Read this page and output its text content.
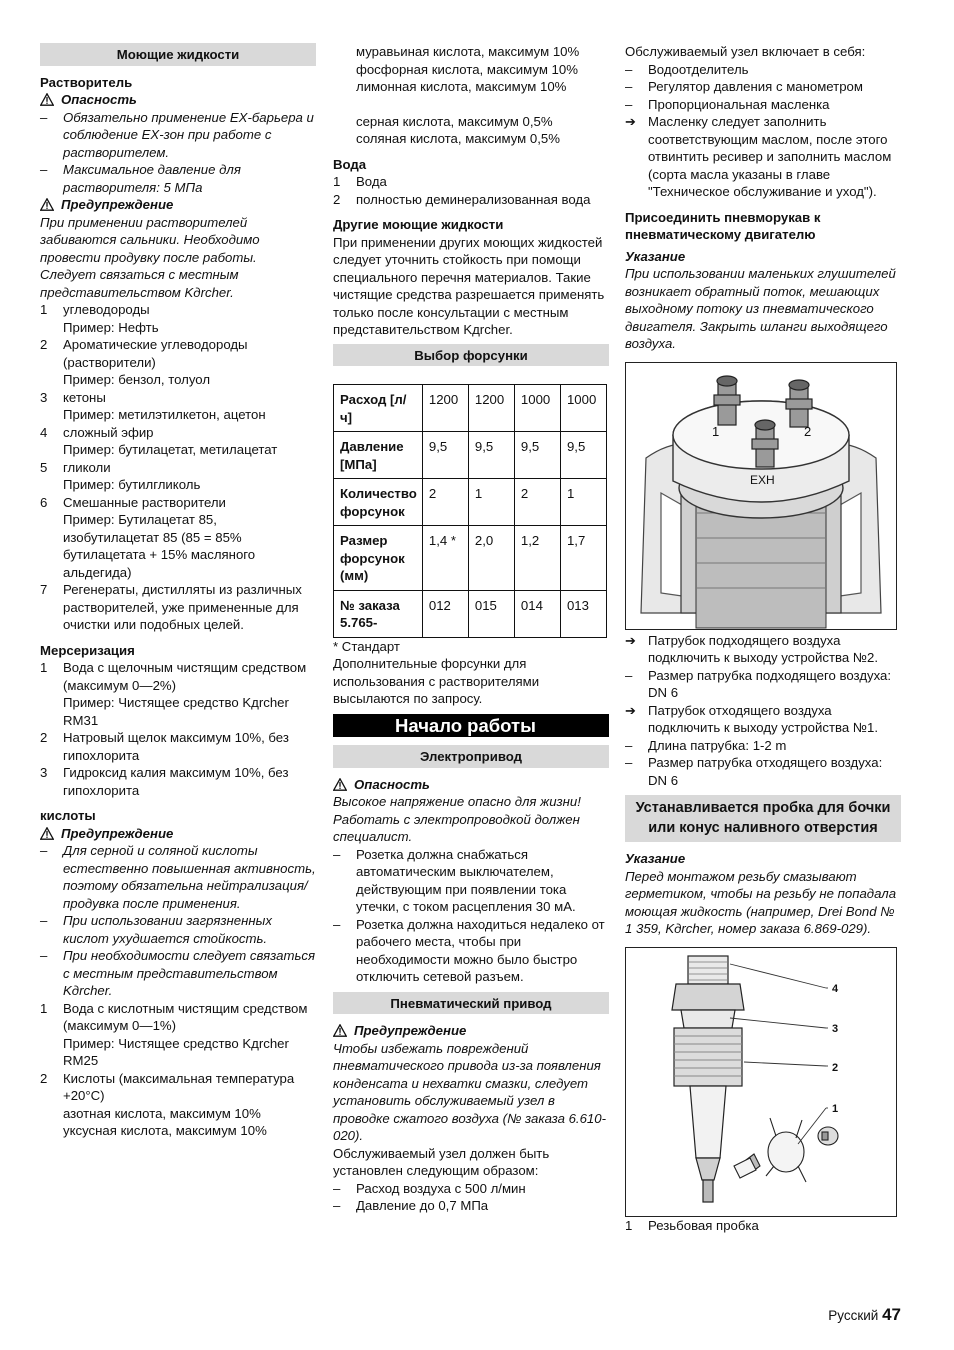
Моющие жидкости
Растворитель

Опасность

– Обязательно применение EX-барьера и соблюдение EX-зон при работе с растворителем.
– Максимальное давление для растворителя: 5 МПа

Предупреждение

При применении растворителей забиваются сальники. Необходимо провести продувку после работы. Следует связаться с местным представительством Kдrcher.

1 углеводороды
Пример: Нефть
2 Ароматические углеводороды (растворители)
Пример: бензол, толуол
3 кетоны
Пример: метилэтилкетон, ацетон
4 сложный эфир
Пример: бутилацетат, метилацетат
5 гликоли
Пример: бутилгликоль
6 Смешанные растворители
Пример: Бутилацетат 85, изобутилацетат 85 (85 = 85% бутилацетата + 15% масляного альдегида)
7 Регенераты, дистилляты из различных растворителей, уже примененные для очистки или подобных целей.
Мерсеризация
1 Вода с щелочным чистящим средством (максимум 0—2%)
Пример: Чистящее средство Kдrcher RM31
2 Натровый щелок максимум 10%, без гипохлорита
3 Гидроксид калия максимум 10%, без гипохлорита
кислоты

Предупреждение

– Для серной и соляной кислоты естественно повышенная активность, поэтому обязательна нейтрализация/продувка после применения.
– При использовании загрязненных кислот ухудшается стойкость.
– При необходимости следует связаться с местным представительством Kдrcher.
1 Вода с кислотным чистящим средством (максимум 0—1%)
Пример: Чистящее средство Kдrcher RM25
2 Кислоты (максимальная температура +20°C)
азотная кислота, максимум 10%
уксусная кислота, максимум 10%
муравьиная кислота, максимум 10%
фосфорная кислота, максимум 10%
лимонная кислота, максимум 10%
серная кислота, максимум 0,5%
соляная кислота, максимум 0,5%
Вода
1 Вода
2 полностью деминерализованная вода
Другие моющие жидкости

При применении других моющих жидкостей следует уточнить стойкость при помощи специального перечня материалов. Такие чистящие средства разрешается применять только после консультации с местным представительством Kдrcher.

Выбор форсунки
Расход [л/ч]	1200	1200	1000	1000
Давление [МПа]	9,5	9,5	9,5	9,5
Количество форсунок	2	1	2	1
Размер форсунок (мм)	1,4 *	2,0	1,2	1,7
№ заказа 5.765-	012	015	014	013

* Стандарт

Дополнительные форсунки для использования с растворителями высылаются по запросу.

Начало работы
Электропривод

Опасность

Высокое напряжение опасно для жизни! Работать с электропроводкой должен специалист.

– Розетка должна снабжаться автоматическим выключателем, действующим при появлении тока утечки, с током расцепления 30 мА.
– Розетка должна находиться недалеко от рабочего места, чтобы при необходимости можно было быстро отключить сетевой разъем.
Пневматический привод

Предупреждение

Чтобы избежать повреждений пневматического привода из-за появления конденсата и нехватки смазки, следует установить обслуживаемый узел в проводке сжатого воздуха (№ заказа 6.610-020).

Обслуживаемый узел должен быть установлен следующим образом:

– Расход воздуха с 500 л/мин
– Давление до 0,7 МПа

Обслуживаемый узел включает в себя:

– Водоотделитель
– Регулятор давления с манометром
– Пропорциональная масленка
➔ Масленку следует заполнить соответствующим маслом, после этого отвинтить ресивер и заполнить маслом (сорта масла указаны в главе "Техническое обслуживание и уход").
Присоединить пневморукав к пневматическому двигателю

Указание

При использовании маленьких глушителей возникает обратный поток, мешающих выходному потоку из пневматического двигателя. Закрыть шланги выходящего воздуха.

1	2
EXH
➔ Патрубок подходящего воздуха подключить к выходу устройства №2.
– Размер патрубка подходящего воздуха: DN 6
➔ Патрубок отходящего воздуха подключить к выходу устройства №1.
– Длина патрубка: 1-2 m
– Размер патрубка отходящего воздуха: DN 6
Устанавливается пробка для бочки или конус наливного отверстия

Указание

Перед монтажом резьбу смазывают герметиком, чтобы на резьбу не попадала моющая жидкость (например, Drei Bond № 1 359, Kдrcher, номер заказа 6.869-029).

4
3
2
1
1 Резьбовая пробка
Русский 47
